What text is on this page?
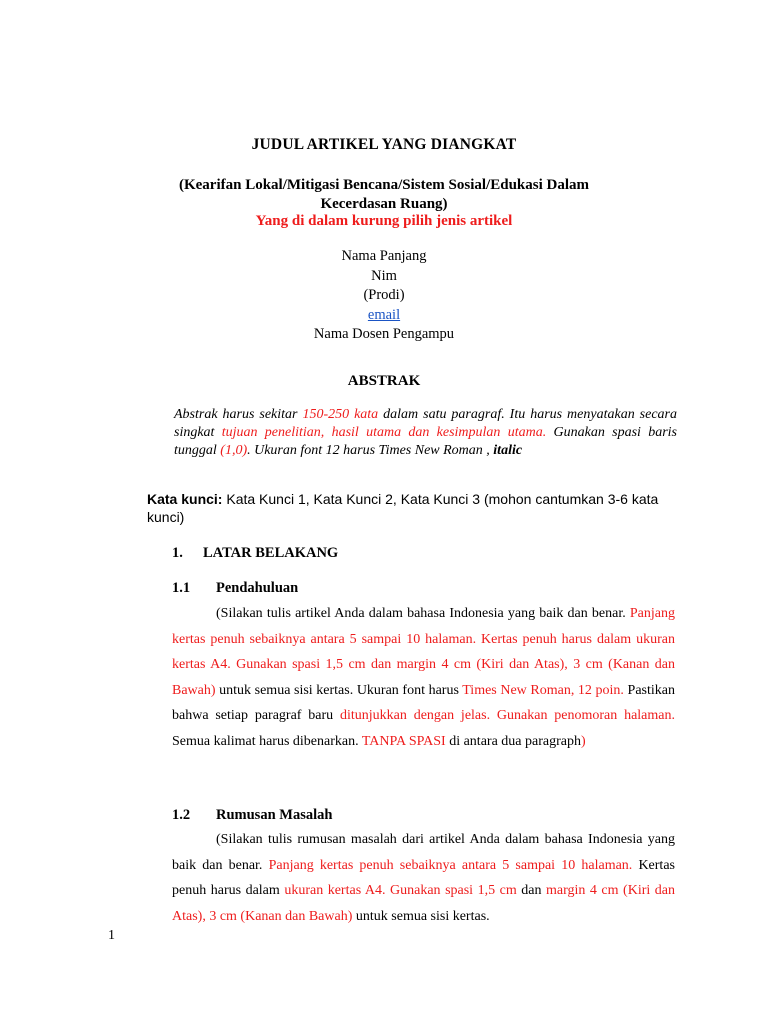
JUDUL ARTIKEL YANG DIANGKAT
(Kearifan Lokal/Mitigasi Bencana/Sistem Sosial/Edukasi Dalam
Kecerdasan Ruang)
Yang di dalam kurung pilih jenis artikel
Nama Panjang
Nim
(Prodi)
email
Nama Dosen Pengampu
ABSTRAK
Abstrak harus sekitar 150-250 kata dalam satu paragraf. Itu harus menyatakan secara singkat tujuan penelitian, hasil utama dan kesimpulan utama. Gunakan spasi baris tunggal (1,0). Ukuran font 12 harus Times New Roman , italic
Kata kunci: Kata Kunci 1, Kata Kunci 2, Kata Kunci 3 (mohon cantumkan 3-6 kata kunci)
1. LATAR BELAKANG
1.1 Pendahuluan
(Silakan tulis artikel Anda dalam bahasa Indonesia yang baik dan benar. Panjang kertas penuh sebaiknya antara 5 sampai 10 halaman. Kertas penuh harus dalam ukuran kertas A4. Gunakan spasi 1,5 cm dan margin 4 cm (Kiri dan Atas), 3 cm (Kanan dan Bawah) untuk semua sisi kertas. Ukuran font harus Times New Roman, 12 poin. Pastikan bahwa setiap paragraf baru ditunjukkan dengan jelas. Gunakan penomoran halaman. Semua kalimat harus dibenarkan. TANPA SPASI di antara dua paragraph)
1.2 Rumusan Masalah
(Silakan tulis rumusan masalah dari artikel Anda dalam bahasa Indonesia yang baik dan benar. Panjang kertas penuh sebaiknya antara 5 sampai 10 halaman. Kertas penuh harus dalam ukuran kertas A4. Gunakan spasi 1,5 cm dan margin 4 cm (Kiri dan Atas), 3 cm (Kanan dan Bawah) untuk semua sisi kertas.
1
